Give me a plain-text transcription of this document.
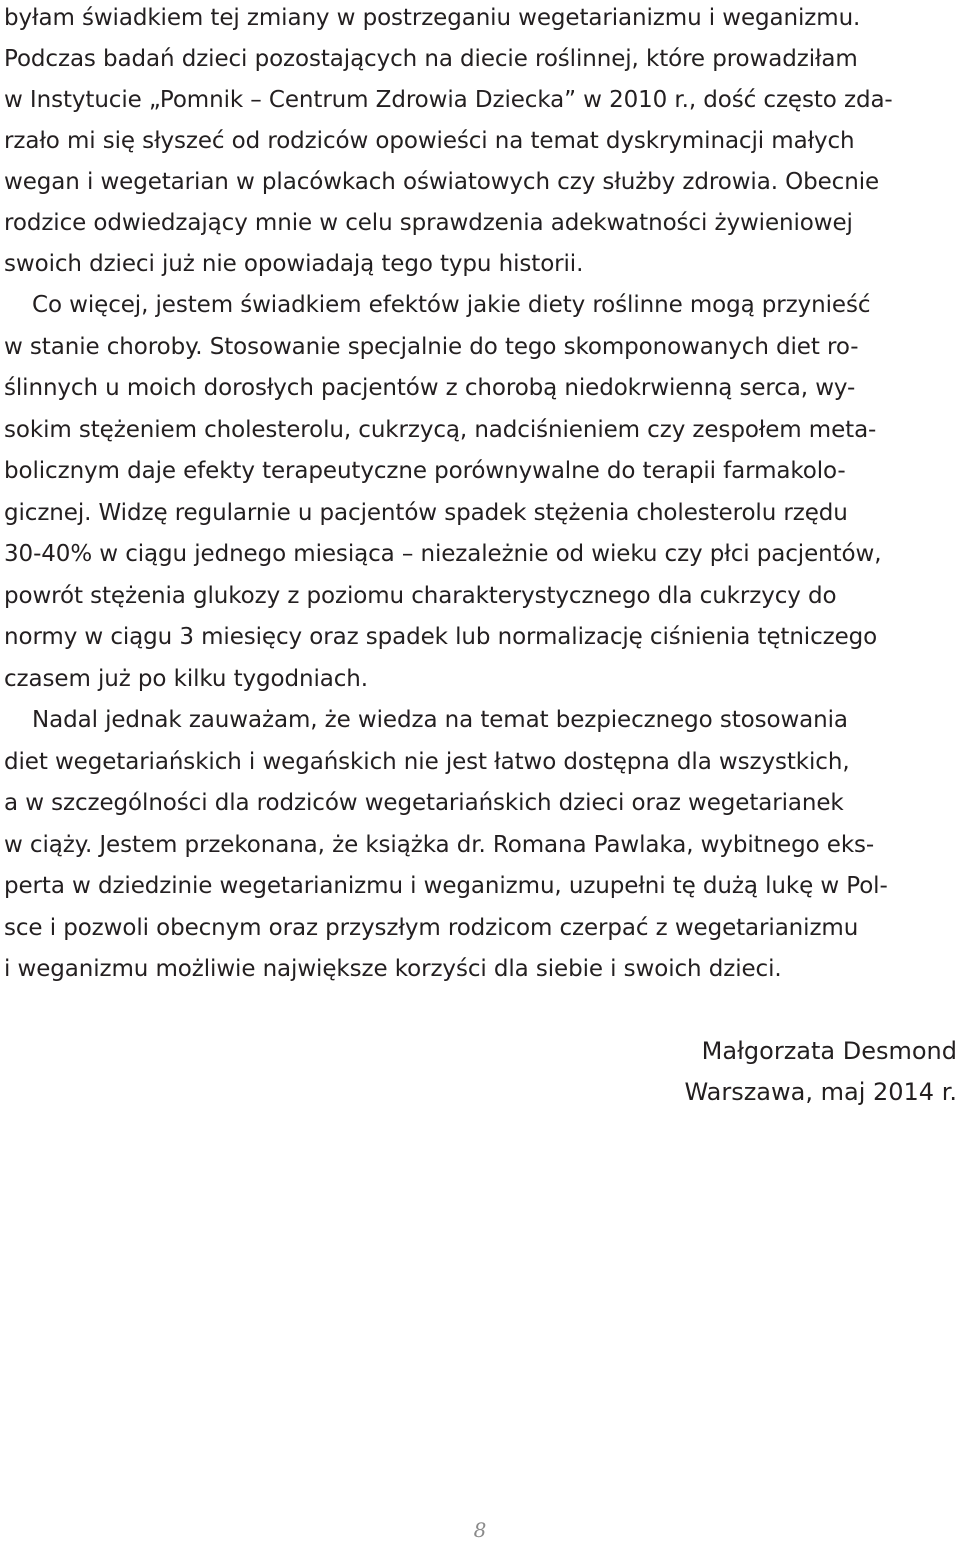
byłam świadkiem tej zmiany w postrzeganiu wegetarianizmu i weganizmu.
Podczas badań dzieci pozostających na diecie roślinnej, które prowadziłam
w Instytucie „Pomnik – Centrum Zdrowia Dziecka” w 2010 r., dość często zda-
rzało mi się słyszeć od rodziców opowieści na temat dyskryminacji małych
wegan i wegetarian w placówkach oświatowych czy służby zdrowia. Obecnie
rodzice odwiedzający mnie w celu sprawdzenia adekwatności żywieniowej
swoich dzieci już nie opowiadają tego typu historii.
Co więcej, jestem świadkiem efektów jakie diety roślinne mogą przynieść
w stanie choroby. Stosowanie specjalnie do tego skomponowanych diet ro-
ślinnych u moich dorosłych pacjentów z chorobą niedokrwienną serca, wy-
sokim stężeniem cholesterolu, cukrzycą, nadciśnieniem czy zespołem meta-
bolicznym daje efekty terapeutyczne porównywalne do terapii farmakolo-
gicznej. Widzę regularnie u pacjentów spadek stężenia cholesterolu rzędu
30-40% w ciągu jednego miesiąca – niezależnie od wieku czy płci pacjentów,
powrót stężenia glukozy z poziomu charakterystycznego dla cukrzycy do
normy w ciągu 3 miesięcy oraz spadek lub normalizację ciśnienia tętniczego
czasem już po kilku tygodniach.
Nadal jednak zauważam, że wiedza na temat bezpiecznego stosowania
diet wegetariańskich i wegańskich nie jest łatwo dostępna dla wszystkich,
a w szczególności dla rodziców wegetariańskich dzieci oraz wegetarianek
w ciąży. Jestem przekonana, że książka dr. Romana Pawlaka, wybitnego eks-
perta w dziedzinie wegetarianizmu i weganizmu, uzupełni tę dużą lukę w Pol-
sce i pozwoli obecnym oraz przyszłym rodzicom czerpać z wegetarianizmu
i weganizmu możliwie największe korzyści dla siebie i swoich dzieci.
Małgorzata Desmond
Warszawa, maj 2014 r.
8
